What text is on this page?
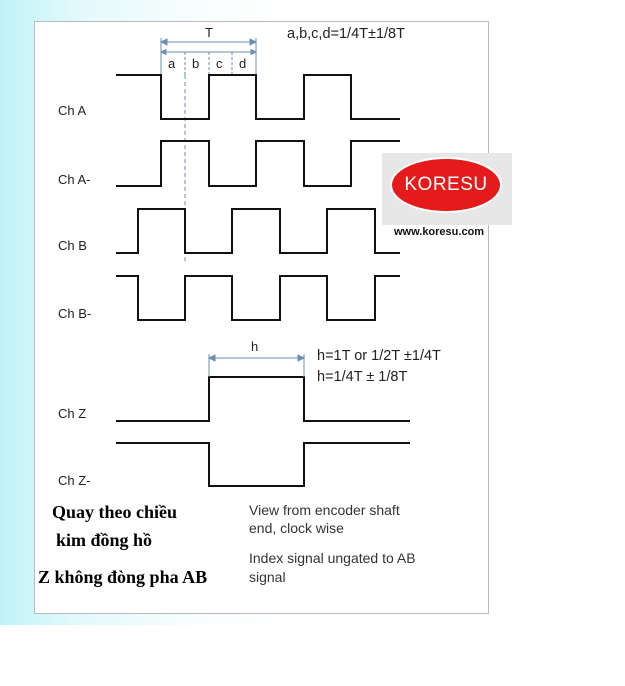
T
a b c d
a,b,c,d=1/4T±1/8T
Ch A
Ch A-
Ch B
Ch B-
Ch Z
Ch Z-
h
h=1T or 1/2T ±1/4T
h=1/4T ± 1/8T
View from encoder shaft
end, clock wise
Index signal ungated to AB
signal
Quay theo chiều
kim đồng hồ
Z không đòng pha AB
KORESU
www.koresu.com
